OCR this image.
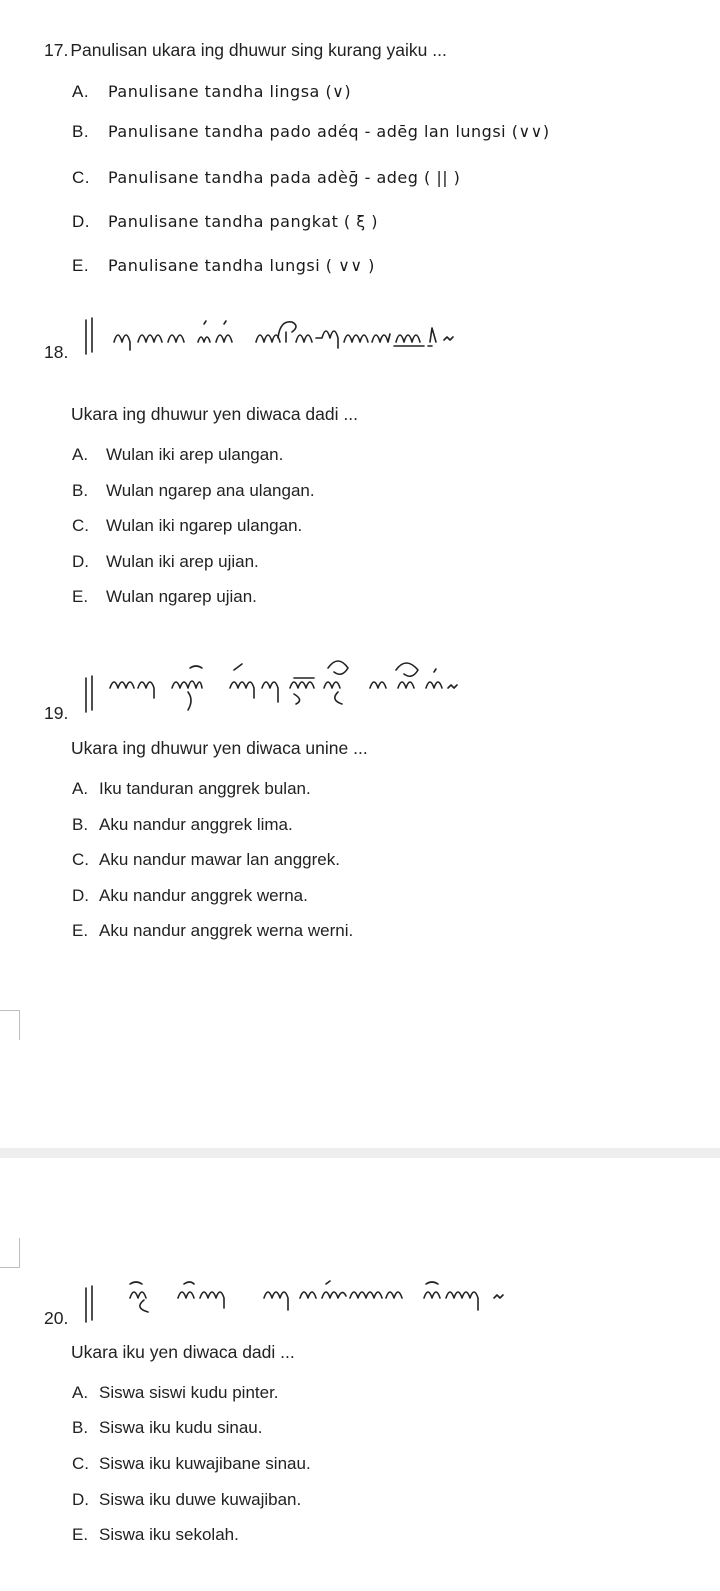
17. Panulisan ukara ing dhuwur sing kurang yaiku ...
A. Panulisane tandha lingsa (∨)
B. Panulisane tandha pado adéq - adēg lan lungsi (∨∨)
C. Panulisane tandha pada adèḡ - adeg ( || )
D. Panulisane tandha pangkat ( ξ )
E. Panulisane tandha lungsi ( ∨∨ )
18.
Ukara ing dhuwur yen diwaca dadi ...
A. Wulan iki arep ulangan.
B. Wulan ngarep ana ulangan.
C. Wulan iki ngarep ulangan.
D. Wulan iki arep ujian.
E. Wulan ngarep ujian.
19.
Ukara ing dhuwur yen diwaca unine ...
A. Iku tanduran anggrek bulan.
B. Aku nandur anggrek lima.
C. Aku nandur mawar lan anggrek.
D. Aku nandur anggrek werna.
E. Aku nandur anggrek werna werni.
20.
Ukara iku yen diwaca dadi ...
A. Siswa siswi kudu pinter.
B. Siswa iku kudu sinau.
C. Siswa iku kuwajibane sinau.
D. Siswa iku duwe kuwajiban.
E. Siswa iku sekolah.
